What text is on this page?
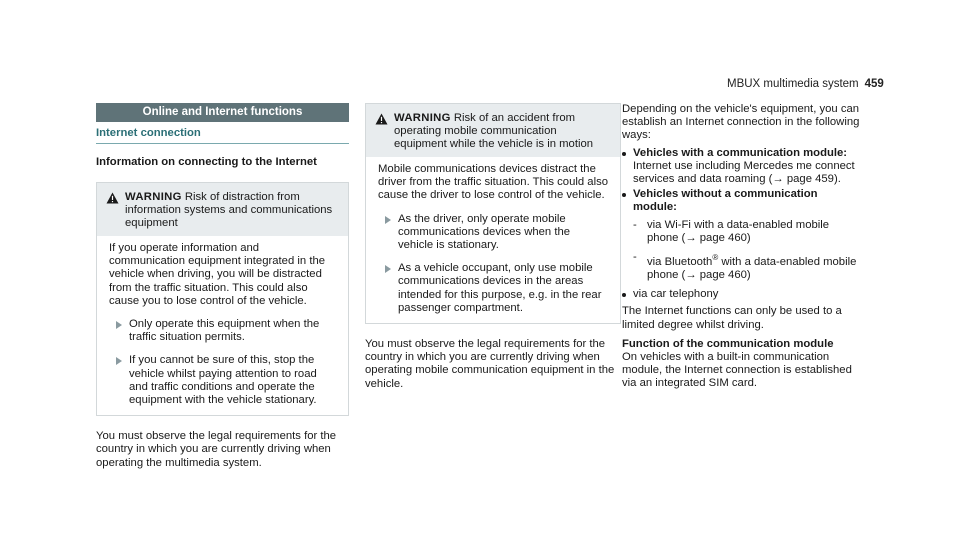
MBUX multimedia system 459
Online and Internet functions
Internet connection
Information on connecting to the Internet
WARNING Risk of distraction from information systems and communications equipment

If you operate information and communication equipment integrated in the vehicle when driving, you will be distracted from the traffic situation. This could also cause you to lose control of the vehicle.

Only operate this equipment when the traffic situation permits.
If you cannot be sure of this, stop the vehicle whilst paying attention to road and traffic conditions and operate the equipment with the vehicle stationary.

You must observe the legal requirements for the country in which you are currently driving when operating the multimedia system.

WARNING Risk of an accident from operating mobile communication equipment while the vehicle is in motion

Mobile communications devices distract the driver from the traffic situation. This could also cause the driver to lose control of the vehicle.

As the driver, only operate mobile communications devices when the vehicle is stationary.
As a vehicle occupant, only use mobile communications devices in the areas intended for this purpose, e.g. in the rear passenger compartment.

You must observe the legal requirements for the country in which you are currently driving when operating mobile communication equipment in the vehicle.

Depending on the vehicle's equipment, you can establish an Internet connection in the following ways:

Vehicles with a communication module:
Internet use including Mercedes me connect services and data roaming (→ page 459).
Vehicles without a communication module:
- via Wi-Fi with a data-enabled mobile phone (→ page 460)
- via Bluetooth® with a data-enabled mobile phone (→ page 460)
via car telephony

The Internet functions can only be used to a limited degree whilst driving.

Function of the communication module

On vehicles with a built-in communication module, the Internet connection is established via an integrated SIM card.
